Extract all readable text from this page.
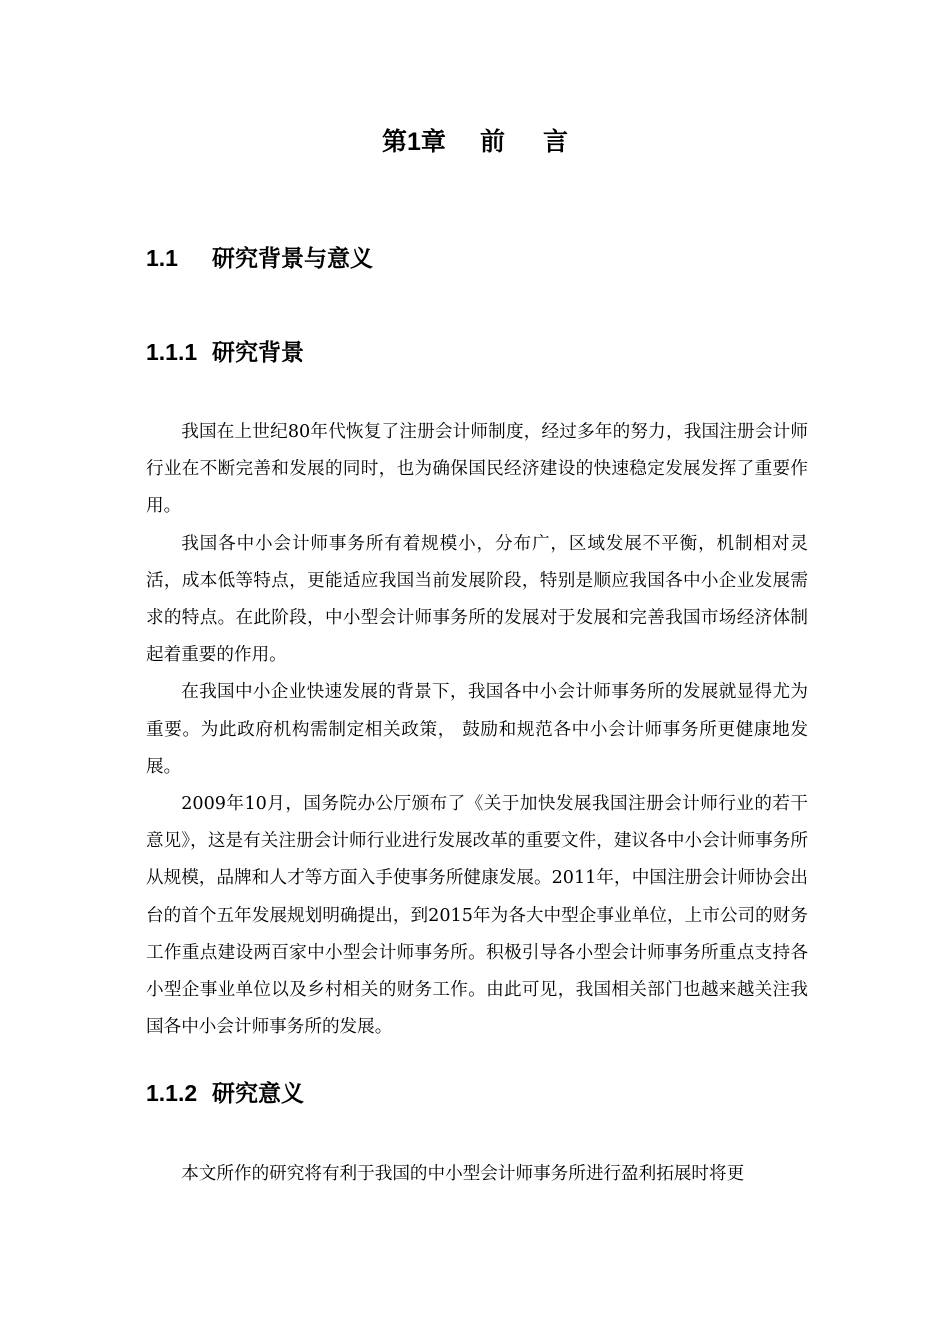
第1章 前 言
1.1 研究背景与意义
1.1.1 研究背景

我国在上世纪80年代恢复了注册会计师制度，经过多年的努力，我国注册会计师行业在不断完善和发展的同时，也为确保国民经济建设的快速稳定发展发挥了重要作用。

我国各中小会计师事务所有着规模小，分布广，区域发展不平衡，机制相对灵活，成本低等特点，更能适应我国当前发展阶段，特别是顺应我国各中小企业发展需求的特点。在此阶段，中小型会计师事务所的发展对于发展和完善我国市场经济体制起着重要的作用。

在我国中小企业快速发展的背景下，我国各中小会计师事务所的发展就显得尤为重要。为此政府机构需制定相关政策， 鼓励和规范各中小会计师事务所更健康地发展。

2009年10月，国务院办公厅颁布了《关于加快发展我国注册会计师行业的若干意见》，这是有关注册会计师行业进行发展改革的重要文件，建议各中小会计师事务所从规模，品牌和人才等方面入手使事务所健康发展。2011年，中国注册会计师协会出台的首个五年发展规划明确提出，到2015年为各大中型企事业单位，上市公司的财务工作重点建设两百家中小型会计师事务所。积极引导各小型会计师事务所重点支持各小型企事业单位以及乡村相关的财务工作。由此可见，我国相关部门也越来越关注我国各中小会计师事务所的发展。

1.1.2 研究意义

本文所作的研究将有利于我国的中小型会计师事务所进行盈利拓展时将更
